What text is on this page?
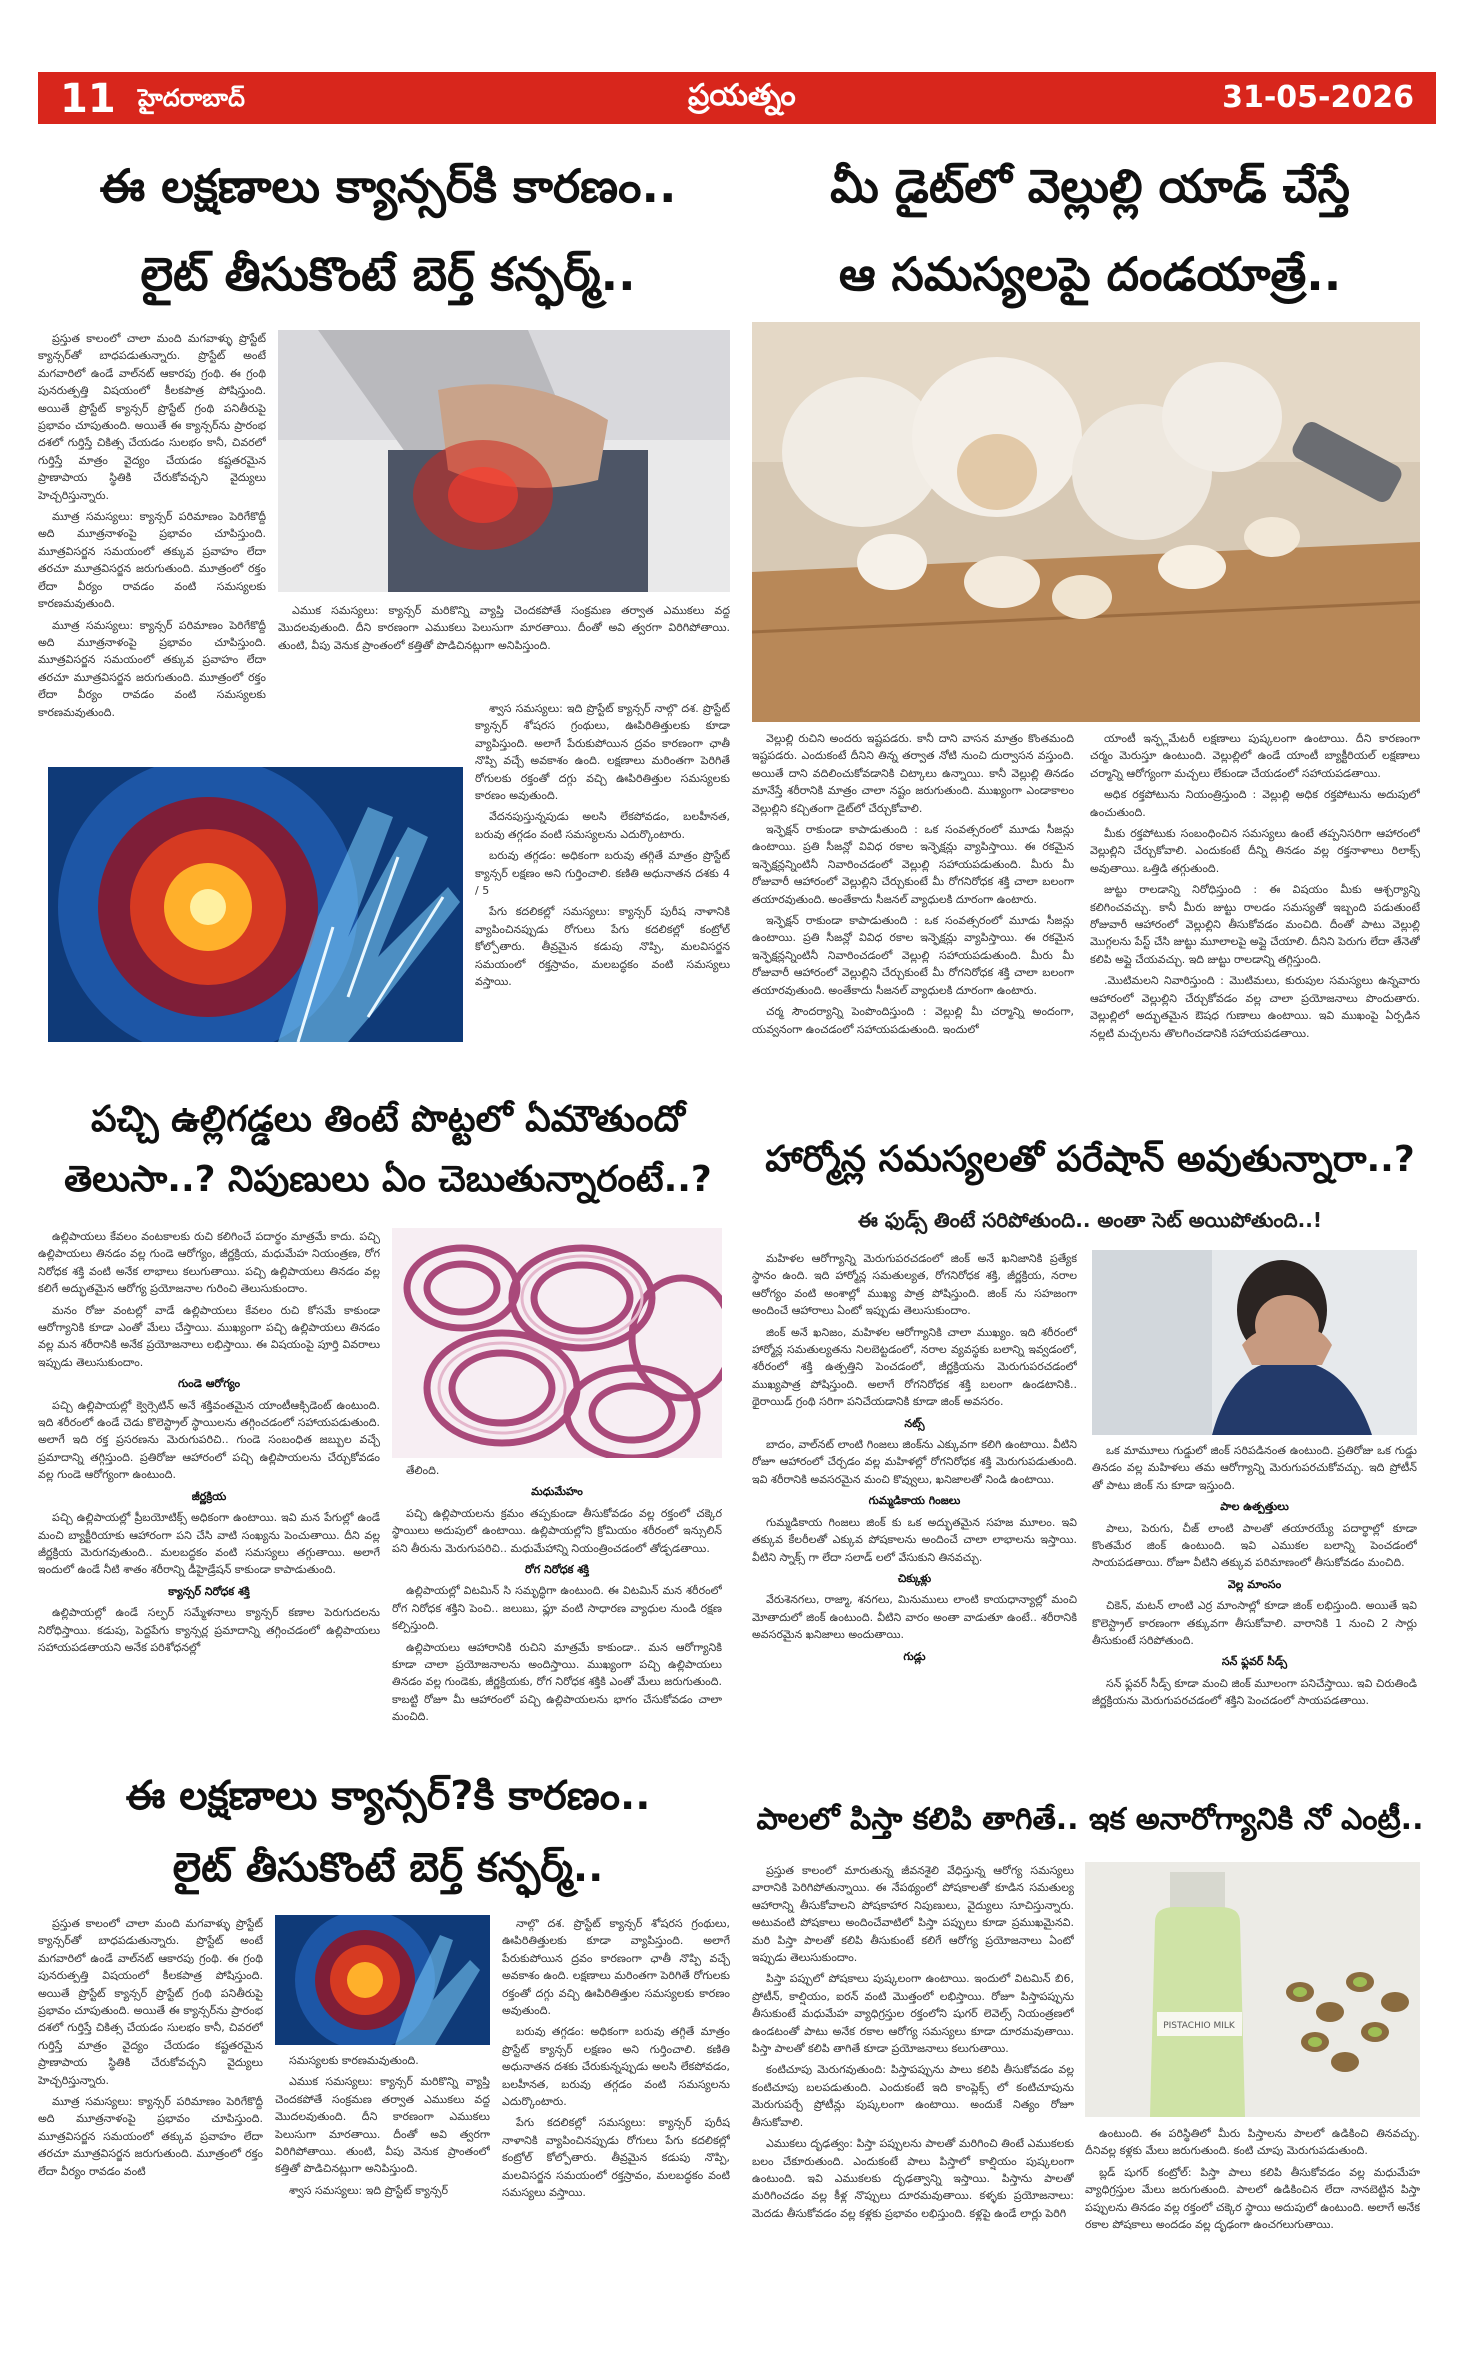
11 హైదరాబాద్	ప్రయత్నం	31-05-2026
ఈ లక్షణాలు క్యాన్సర్‌కి కారణం..
లైట్ తీసుకొంటే బెర్త్ కన్ఫర్మ్..

ప్రస్తుత కాలంలో చాలా మంది మగవాళ్ళు ప్రొస్టేట్ క్యాన్సర్‌తో బాధపడుతున్నారు. ప్రొస్టేట్ అంటే మగవారిలో ఉండే వాల్‌నట్ ఆకారపు గ్రంథి. ఈ గ్రంథి పునరుత్పత్తి విషయంలో కీలకపాత్ర పోషిస్తుంది. అయితే ప్రొస్టేట్ క్యాన్సర్ ప్రొస్టేట్ గ్రంథి పనితీరుపై ప్రభావం చూపుతుంది. అయితే ఈ క్యాన్సర్‌ను ప్రారంభ దశలో గుర్తిస్తే చికిత్స చేయడం సులభం కానీ, చివరలో గుర్తిస్తే మాత్రం వైద్యం చేయడం కష్టతరమైన ప్రాణాపాయ స్థితికి చేరుకోవచ్చని వైద్యులు హెచ్చరిస్తున్నారు.

మూత్ర సమస్యలు: క్యాన్సర్ పరిమాణం పెరిగేకొద్దీ అది మూత్రనాళంపై ప్రభావం చూపిస్తుంది. మూత్రవిసర్జన సమయంలో తక్కువ ప్రవాహం లేదా తరచూ మూత్రవిసర్జన జరుగుతుంది. మూత్రంలో రక్తం లేదా వీర్యం రావడం వంటి సమస్యలకు కారణమవుతుంది.

మూత్ర సమస్యలు: క్యాన్సర్ పరిమాణం పెరిగేకొద్దీ అది మూత్రనాళంపై ప్రభావం చూపిస్తుంది. మూత్రవిసర్జన సమయంలో తక్కువ ప్రవాహం లేదా తరచూ మూత్రవిసర్జన జరుగుతుంది. మూత్రంలో రక్తం లేదా వీర్యం రావడం వంటి సమస్యలకు కారణమవుతుంది.

ఎముక సమస్యలు: క్యాన్సర్ మరికొన్ని వ్యాప్తి చెందకపోతే సంక్రమణ తర్వాత ఎముకలు వద్ద మొదలవుతుంది. దీని కారణంగా ఎముకలు పెలుసుగా మారతాయి. దీంతో అవి త్వరగా విరిగిపోతాయి. తుంటి, వీపు వెనుక ప్రాంతంలో కత్తితో పొడిచినట్లుగా అనిపిస్తుంది.

శ్వాస సమస్యలు: ఇది ప్రొస్టేట్ క్యాన్సర్ నాల్గొ దశ. ప్రొస్టేట్ క్యాన్సర్ శోషరస గ్రంథులు, ఊపిరితిత్తులకు కూడా వ్యాపిస్తుంది. అలాగే పేరుకుపోయిన ద్రవం కారణంగా ఛాతీ నొప్పి వచ్చే అవకాశం ఉంది. లక్షణాలు మరింతగా పెరిగితే రోగులకు రక్తంతో దగ్గు వచ్చి ఊపిరితిత్తుల సమస్యలకు కారణం అవుతుంది.

వేదనపుస్తున్నపుడు అలసి లేకపోవడం, బలహీనత, బరువు తగ్గడం వంటి సమస్యలను ఎదుర్కొంటారు.

బరువు తగ్గడం: అధికంగా బరువు తగ్గితే మాత్రం ప్రొస్టేట్ క్యాన్సర్ లక్షణం అని గుర్తించాలి. కణితి అధునాతన దశకు 4 / 5

పేగు కదలికల్లో సమస్యలు: క్యాన్సర్ పురీష నాళానికి వ్యాపించినప్పుడు రోగులు పేగు కదలికల్లో కంట్రోల్ కోల్పోతారు. తీవ్రమైన కడుపు నొప్పి, మలవిసర్జన సమయంలో రక్తస్రావం, మలబద్ధకం వంటి సమస్యలు వస్తాయి.

మీ డైట్‌లో వెల్లుల్లి యాడ్ చేస్తే
ఆ సమస్యలపై దండయాత్రే..

వెల్లుల్లి రుచిని అందరు ఇష్టపడరు. కానీ దాని వాసన మాత్రం కొంతమంది ఇష్టపడరు. ఎందుకంటే దీనిని తిన్న తర్వాత నోటి నుంచి దుర్వాసన వస్తుంది. అయితే దాని వదిలించుకోవడానికి చిట్కాలు ఉన్నాయి. కానీ వెల్లుల్లి తినడం మానేస్తే శరీరానికి మాత్రం చాలా నష్టం జరుగుతుంది. ముఖ్యంగా ఎండాకాలం వెల్లుల్లిని కచ్చితంగా డైట్‌లో చేర్చుకోవాలి.

ఇన్ఫెక్షన్ రాకుండా కాపాడుతుంది : ఒక సంవత్సరంలో మూడు సీజన్లు ఉంటాయి. ప్రతి సీజన్లో వివిధ రకాల ఇన్ఫెక్షన్లు వ్యాపిస్తాయి. ఈ రకమైన ఇన్ఫెక్షన్లన్నింటినీ నివారించడంలో వెల్లుల్లి సహాయపడుతుంది. మీరు మీ రోజువారీ ఆహారంలో వెల్లుల్లిని చేర్చుకుంటే మీ రోగనిరోధక శక్తి చాలా బలంగా తయారవుతుంది. అంతేకాదు సీజనల్ వ్యాధులకి దూరంగా ఉంటారు.

ఇన్ఫెక్షన్ రాకుండా కాపాడుతుంది : ఒక సంవత్సరంలో మూడు సీజన్లు ఉంటాయి. ప్రతి సీజన్లో వివిధ రకాల ఇన్ఫెక్షన్లు వ్యాపిస్తాయి. ఈ రకమైన ఇన్ఫెక్షన్లన్నింటినీ నివారించడంలో వెల్లుల్లి సహాయపడుతుంది. మీరు మీ రోజువారీ ఆహారంలో వెల్లుల్లిని చేర్చుకుంటే మీ రోగనిరోధక శక్తి చాలా బలంగా తయారవుతుంది. అంతేకాదు సీజనల్ వ్యాధులకి దూరంగా ఉంటారు.

చర్మ సౌందర్యాన్ని పెంపొందిస్తుంది : వెల్లుల్లి మీ చర్మాన్ని అందంగా, యవ్వనంగా ఉంచడంలో సహాయపడుతుంది. ఇందులో

యాంటీ ఇన్ఫ్లమేటరీ లక్షణాలు పుష్కలంగా ఉంటాయి. దీని కారణంగా చర్మం మెరుస్తూ ఉంటుంది. వెల్లుల్లిలో ఉండే యాంటీ బ్యాక్టీరియల్ లక్షణాలు చర్మాన్ని ఆరోగ్యంగా మచ్చలు లేకుండా చేయడంలో సహాయపడతాయి.

అధిక రక్తపోటును నియంత్రిస్తుంది : వెల్లుల్లి అధిక రక్తపోటును అదుపులో ఉంచుతుంది.

మీకు రక్తపోటుకు సంబంధించిన సమస్యలు ఉంటే తప్పనిసరిగా ఆహారంలో వెల్లుల్లిని చేర్చుకోవాలి. ఎందుకంటే దీన్ని తినడం వల్ల రక్తనాళాలు రిలాక్స్ అవుతాయి. ఒత్తిడి తగ్గుతుంది.

జుట్టు రాలడాన్ని నిరోధిస్తుంది : ఈ విషయం మీకు ఆశ్చర్యాన్ని కలిగించవచ్చు. కానీ మీరు జుట్టు రాలడం సమస్యతో ఇబ్బంది పడుతుంటే రోజువారీ ఆహారంలో వెల్లుల్లిని తీసుకోవడం మంచిది. దీంతో పాటు వెల్లుల్లి మొగ్గలను పేస్ట్ చేసి జుట్టు మూలాలపై అప్లై చేయాలి. దీనిని పెరుగు లేదా తేనెతో కలిపి అప్లై చేయవచ్చు. ఇది జుట్టు రాలడాన్ని తగ్గిస్తుంది.

.మొటిమలని నివారిస్తుంది : మొటిమలు, కురుపుల సమస్యలు ఉన్నవారు ఆహారంలో వెల్లుల్లిని చేర్చుకోవడం వల్ల చాలా ప్రయోజనాలు పొందుతారు. వెల్లుల్లిలో అద్భుతమైన ఔషధ గుణాలు ఉంటాయి. ఇవి ముఖంపై ఏర్పడిన నల్లటి మచ్చలను తొలగించడానికి సహాయపడతాయి.

పచ్చి ఉల్లిగడ్డలు తింటే పొట్టలో ఏమౌతుందో
తెలుసా..? నిపుణులు ఏం చెబుతున్నారంటే..?

ఉల్లిపాయలు కేవలం వంటకాలకు రుచి కలిగించే పదార్థం మాత్రమే కాదు. పచ్చి ఉల్లిపాయలు తినడం వల్ల గుండె ఆరోగ్యం, జీర్ణక్రియ, మధుమేహ నియంత్రణ, రోగ నిరోధక శక్తి వంటి అనేక లాభాలు కలుగుతాయి. పచ్చి ఉల్లిపాయలు తినడం వల్ల కలిగే అద్భుతమైన ఆరోగ్య ప్రయోజనాల గురించి తెలుసుకుందాం.

మనం రోజు వంటల్లో వాడే ఉల్లిపాయలు కేవలం రుచి కోసమే కాకుండా ఆరోగ్యానికి కూడా ఎంతో మేలు చేస్తాయి. ముఖ్యంగా పచ్చి ఉల్లిపాయలు తినడం వల్ల మన శరీరానికి అనేక ప్రయోజనాలు లభిస్తాయి. ఈ విషయంపై పూర్తి వివరాలు ఇప్పుడు తెలుసుకుందాం.

గుండె ఆరోగ్యం

పచ్చి ఉల్లిపాయల్లో క్వెర్సెటిన్ అనే శక్తివంతమైన యాంటీఆక్సిడెంట్ ఉంటుంది. ఇది శరీరంలో ఉండే చెడు కొలెస్ట్రాల్ స్థాయిలను తగ్గించడంలో సహాయపడుతుంది. అలాగే ఇది రక్త ప్రసరణను మెరుగుపరిచి.. గుండె సంబంధిత జబ్బుల వచ్చే ప్రమాదాన్ని తగ్గిస్తుంది. ప్రతిరోజు ఆహారంలో పచ్చి ఉల్లిపాయలను చేర్చుకోవడం వల్ల గుండె ఆరోగ్యంగా ఉంటుంది.

జీర్ణక్రియ

పచ్చి ఉల్లిపాయల్లో ప్రీబయోటిక్స్ అధికంగా ఉంటాయి. ఇవి మన పేగుల్లో ఉండే మంచి బ్యాక్టీరియాకు ఆహారంగా పని చేసి వాటి సంఖ్యను పెంచుతాయి. దీని వల్ల జీర్ణక్రియ మెరుగవుతుంది.. మలబద్ధకం వంటి సమస్యలు తగ్గుతాయి. అలాగే ఇందులో ఉండే నీటి శాతం శరీరాన్ని డీహైడ్రేషన్ కాకుండా కాపాడుతుంది.

క్యాన్సర్ నిరోధక శక్తి

ఉల్లిపాయల్లో ఉండే సల్ఫర్ సమ్మేళనాలు క్యాన్సర్ కణాల పెరుగుదలను నిరోధిస్తాయి. కడుపు, పెద్దపేగు క్యాన్సర్ల ప్రమాదాన్ని తగ్గించడంలో ఉల్లిపాయలు సహాయపడతాయని అనేక పరిశోధనల్లో

తేలింది.

మధుమేహం

పచ్చి ఉల్లిపాయలను క్రమం తప్పకుండా తీసుకోవడం వల్ల రక్తంలో చక్కెర స్థాయిలు అదుపులో ఉంటాయి. ఉల్లిపాయల్లోని క్రోమియం శరీరంలో ఇన్సులిన్ పని తీరును మెరుగుపరిచి.. మధుమేహాన్ని నియంత్రించడంలో తోడ్పడతాయి.

రోగ నిరోధక శక్తి

ఉల్లిపాయల్లో విటమిన్ సి సమృద్ధిగా ఉంటుంది. ఈ విటమిన్ మన శరీరంలో రోగ నిరోధక శక్తిని పెంచి.. జలుబు, ఫ్లూ వంటి సాధారణ వ్యాధుల నుండి రక్షణ కల్పిస్తుంది.

ఉల్లిపాయలు ఆహారానికి రుచిని మాత్రమే కాకుండా.. మన ఆరోగ్యానికి కూడా చాలా ప్రయోజనాలను అందిస్తాయి. ముఖ్యంగా పచ్చి ఉల్లిపాయలు తినడం వల్ల గుండెకు, జీర్ణక్రియకు, రోగ నిరోధక శక్తికి ఎంతో మేలు జరుగుతుంది. కాబట్టి రోజూ మీ ఆహారంలో పచ్చి ఉల్లిపాయలను భాగం చేసుకోవడం చాలా మంచిది.

హార్మోన్ల సమస్యలతో పరేషాన్ అవుతున్నారా..?
ఈ ఫుడ్స్ తింటే సరిపోతుంది.. అంతా సెట్ అయిపోతుంది..!

మహిళల ఆరోగ్యాన్ని మెరుగుపరచడంలో జింక్ అనే ఖనిజానికి ప్రత్యేక స్థానం ఉంది. ఇది హార్మోన్ల సమతుల్యత, రోగనిరోధక శక్తి, జీర్ణక్రియ, నరాల ఆరోగ్యం వంటి అంశాల్లో ముఖ్య పాత్ర పోషిస్తుంది. జింక్ ను సహజంగా అందించే ఆహారాలు ఏంటో ఇప్పుడు తెలుసుకుందాం.

జింక్ అనే ఖనిజం, మహిళల ఆరోగ్యానికి చాలా ముఖ్యం. ఇది శరీరంలో హార్మోన్ల సమతుల్యతను నిలబెట్టడంలో, నరాల వ్యవస్థకు బలాన్ని ఇవ్వడంలో, శరీరంలో శక్తి ఉత్పత్తిని పెంచడంలో, జీర్ణక్రియను మెరుగుపరచడంలో ముఖ్యపాత్ర పోషిస్తుంది. అలాగే రోగనిరోధక శక్తి బలంగా ఉండటానికి.. థైరాయిడ్ గ్రంథి సరిగా పనిచేయడానికి కూడా జింక్ అవసరం.

నట్స్

బాదం, వాల్‌నట్ లాంటి గింజలు జింక్‌ను ఎక్కువగా కలిగి ఉంటాయి. వీటిని రోజూ ఆహారంలో చేర్చడం వల్ల మహిళల్లో రోగనిరోధక శక్తి మెరుగుపడుతుంది. ఇవి శరీరానికి అవసరమైన మంచి కొవ్వులు, ఖనిజాలతో నిండి ఉంటాయి.

గుమ్మడికాయ గింజలు

గుమ్మడికాయ గింజలు జింక్ కు ఒక అద్భుతమైన సహజ మూలం. ఇవి తక్కువ కేలరీలతో ఎక్కువ పోషకాలను అందించే చాలా లాభాలను ఇస్తాయి. వీటిని స్నాక్స్ గా లేదా సలాడ్ లలో వేసుకుని తినవచ్చు.

చిక్కుళ్లు

వేరుశెనగలు, రాజ్మా, శనగలు, మినుములు లాంటి కాయధాన్యాల్లో మంచి మోతాదులో జింక్ ఉంటుంది. వీటిని వారం అంతా వాడుతూ ఉంటే.. శరీరానికి అవసరమైన ఖనిజాలు అందుతాయి.

గుడ్లు

ఒక మామూలు గుడ్డులో జింక్ సరిపడినంత ఉంటుంది. ప్రతిరోజు ఒక గుడ్డు తినడం వల్ల మహిళలు తమ ఆరోగ్యాన్ని మెరుగుపరచుకోవచ్చు. ఇది ప్రోటీన్ తో పాటు జింక్ ను కూడా ఇస్తుంది.

పాల ఉత్పత్తులు

పాలు, పెరుగు, చీజ్ లాంటి పాలతో తయారయ్యే పదార్థాల్లో కూడా కొంతమేర జింక్ ఉంటుంది. ఇవి ఎముకల బలాన్ని పెంచడంలో సాయపడతాయి. రోజూ వీటిని తక్కువ పరిమాణంలో తీసుకోవడం మంచిది.

వెల్ల మాంసం

చికెన్, మటన్ లాంటి ఎర్ర మాంసాల్లో కూడా జింక్ లభిస్తుంది. అయితే ఇవి కొలెస్ట్రాల్ కారణంగా తక్కువగా తీసుకోవాలి. వారానికి 1 నుంచి 2 సార్లు తీసుకుంటే సరిపోతుంది.

సన్ ఫ్లవర్ సీడ్స్

సన్ ఫ్లవర్ సీడ్స్ కూడా మంచి జింక్ మూలంగా పనిచేస్తాయి. ఇవి చిరుతిండి జీర్ణక్రియను మెరుగుపరచడంలో శక్తిని పెంచడంలో సాయపడతాయి.

ఈ లక్షణాలు క్యాన్సర్?కి కారణం..
లైట్ తీసుకొంటే బెర్త్ కన్ఫర్మ్..

ప్రస్తుత కాలంలో చాలా మంది మగవాళ్ళు ప్రొస్టేట్ క్యాన్సర్‌తో బాధపడుతున్నారు. ప్రొస్టేట్ అంటే మగవారిలో ఉండే వాల్‌నట్ ఆకారపు గ్రంథి. ఈ గ్రంథి పునరుత్పత్తి విషయంలో కీలకపాత్ర పోషిస్తుంది. అయితే ప్రొస్టేట్ క్యాన్సర్ ప్రొస్టేట్ గ్రంథి పనితీరుపై ప్రభావం చూపుతుంది. అయితే ఈ క్యాన్సర్‌ను ప్రారంభ దశలో గుర్తిస్తే చికిత్స చేయడం సులభం కానీ, చివరలో గుర్తిస్తే మాత్రం వైద్యం చేయడం కష్టతరమైన ప్రాణాపాయ స్థితికి చేరుకోవచ్చని వైద్యులు హెచ్చరిస్తున్నారు.

మూత్ర సమస్యలు: క్యాన్సర్ పరిమాణం పెరిగేకొద్దీ అది మూత్రనాళంపై ప్రభావం చూపిస్తుంది. మూత్రవిసర్జన సమయంలో తక్కువ ప్రవాహం లేదా తరచూ మూత్రవిసర్జన జరుగుతుంది. మూత్రంలో రక్తం లేదా వీర్యం రావడం వంటి

సమస్యలకు కారణమవుతుంది.

ఎముక సమస్యలు: క్యాన్సర్ మరికొన్ని వ్యాప్తి చెందకపోతే సంక్రమణ తర్వాత ఎముకలు వద్ద మొదలవుతుంది. దీని కారణంగా ఎముకలు పెలుసుగా మారతాయి. దీంతో అవి త్వరగా విరిగిపోతాయి. తుంటి, వీపు వెనుక ప్రాంతంలో కత్తితో పొడిచినట్లుగా అనిపిస్తుంది.

శ్వాస సమస్యలు: ఇది ప్రొస్టేట్ క్యాన్సర్

నాల్గొ దశ. ప్రొస్టేట్ క్యాన్సర్ శోషరస గ్రంథులు, ఊపిరితిత్తులకు కూడా వ్యాపిస్తుంది. అలాగే పేరుకుపోయిన ద్రవం కారణంగా ఛాతీ నొప్పి వచ్చే అవకాశం ఉంది. లక్షణాలు మరింతగా పెరిగితే రోగులకు రక్తంతో దగ్గు వచ్చి ఊపిరితిత్తుల సమస్యలకు కారణం అవుతుంది.

బరువు తగ్గడం: అధికంగా బరువు తగ్గితే మాత్రం ప్రొస్టేట్ క్యాన్సర్ లక్షణం అని గుర్తించాలి. కణితి అధునాతన దశకు చేరుకున్నప్పుడు అలసి లేకపోవడం, బలహీనత, బరువు తగ్గడం వంటి సమస్యలను ఎదుర్కొంటారు.

పేగు కదలికల్లో సమస్యలు: క్యాన్సర్ పురీష నాళానికి వ్యాపించినప్పుడు రోగులు పేగు కదలికల్లో కంట్రోల్ కోల్పోతారు. తీవ్రమైన కడుపు నొప్పి, మలవిసర్జన సమయంలో రక్తస్రావం, మలబద్ధకం వంటి సమస్యలు వస్తాయి.

పాలలో పిస్తా కలిపి తాగితే.. ఇక అనారోగ్యానికి నో ఎంట్రీ..
PISTACHIO MILK

ప్రస్తుత కాలంలో మారుతున్న జీవనశైలి వేధిస్తున్న ఆరోగ్య సమస్యలు వారానికి పెరిగిపోతున్నాయి. ఈ నేపథ్యంలో పోషకాలతో కూడిన సమతుల్య ఆహారాన్ని తీసుకోవాలని పోషకాహార నిపుణులు, వైద్యులు సూచిస్తున్నారు. అటువంటి పోషకాలు అందించేవాటిలో పిస్తా పప్పులు కూడా ప్రముఖమైనవి. మరి పిస్తా పాలతో కలిపి తీసుకుంటే కలిగే ఆరోగ్య ప్రయోజనాలు ఏంటో ఇప్పుడు తెలుసుకుందాం.

పిస్తా పప్పులో పోషకాలు పుష్కలంగా ఉంటాయి. ఇందులో విటమిన్ బి6, ప్రోటీన్, కాల్షియం, ఐరన్ వంటి మొత్తంలో లభిస్తాయి. రోజూ పిస్తాపప్పును తీసుకుంటే మధుమేహ వ్యాధిగ్రస్తుల రక్తంలోని షుగర్ లెవెల్స్ నియంత్రణలో ఉండటంతో పాటు అనేక రకాల ఆరోగ్య సమస్యలు కూడా దూరమవుతాయి. పిస్తా పాలతో కలిపి తాగితే కూడా ప్రయోజనాలు కలుగుతాయి.

కంటిచూపు మెరుగవుతుంది: పిస్తాపప్పును పాలు కలిపి తీసుకోవడం వల్ల కంటిచూపు బలపడుతుంది. ఎందుకంటే ఇది కాంప్లెక్స్ లో కంటిచూపును మెరుగుపర్చే ప్రోటీన్లు పుష్కలంగా ఉంటాయి. అందుకే నిత్యం రోజూ తీసుకోవాలి.

ఎముకలు దృఢత్వం: పిస్తా పప్పులను పాలతో మరిగించి తింటే ఎముకలకు బలం చేకూరుతుంది. ఎందుకంటే పాలు పిస్తాలో కాల్షియం పుష్కలంగా ఉంటుంది. ఇవి ఎముకలకు దృఢత్వాన్ని ఇస్తాయి. పిస్తాను పాలతో మరిగించడం వల్ల కీళ్ల నొప్పులు దూరమవుతాయి. కళ్ళకు ప్రయోజనాలు: మెదడు తీసుకోవడం వల్ల కళ్లకు ప్రభావం లభిస్తుంది. కళ్లపై ఉండే లార్లు పెరిగి

ఉంటుంది. ఈ పరిస్థితిలో మీరు పిస్తాలను పాలలో ఉడికించి తినవచ్చు. దీనివల్ల కళ్లకు మేలు జరుగుతుంది. కంటి చూపు మెరుగుపడుతుంది.

బ్లడ్ షుగర్ కంట్రోల్: పిస్తా పాలు కలిపి తీసుకోవడం వల్ల మధుమేహ వ్యాధిగ్రస్తుల మేలు జరుగుతుంది. పాలలో ఉడికించిన లేదా నానబెట్టిన పిస్తా పప్పులను తినడం వల్ల రక్తంలో చక్కెర స్థాయి అదుపులో ఉంటుంది. అలాగే అనేక రకాల పోషకాలు అందడం వల్ల దృఢంగా ఉంచగలుగుతాయి.
